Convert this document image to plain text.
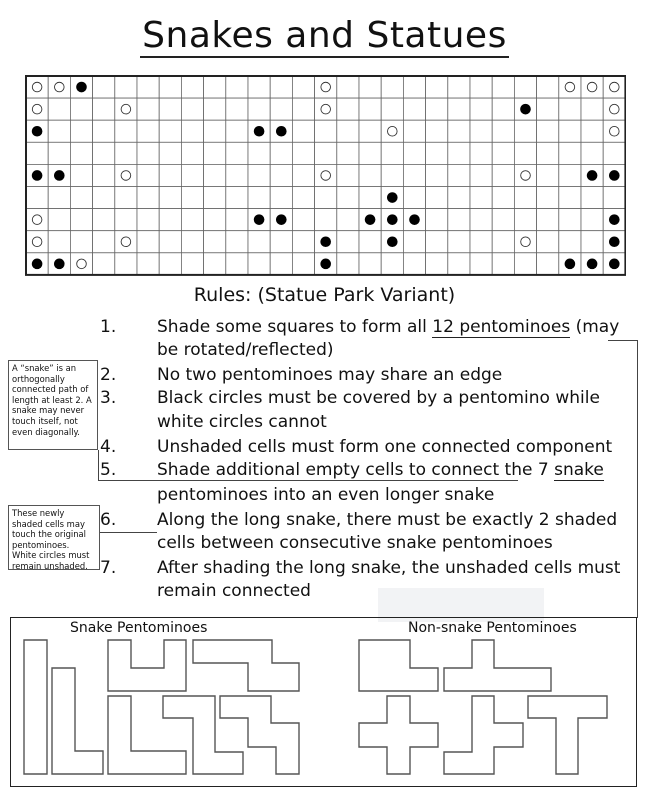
Snakes and Statues
Rules: (Statue Park Variant)
1.	Shade some squares to form all 12 pentominoes (may
be rotated/reflected)
2.	No two pentominoes may share an edge
3.	Black circles must be covered by a pentomino while
white circles cannot
4.	Unshaded cells must form one connected component
5.	Shade additional empty cells to connect the 7 snake
pentominoes into an even longer snake
6.	Along the long snake, there must be exactly 2 shaded
cells between consecutive snake pentominoes
7.	After shading the long snake, the unshaded cells must
remain connected
A “snake” is an orthogonally connected path of length at least 2. A snake may never touch itself, not even diagonally.
These newly shaded cells may touch the original pentominoes. White circles must remain unshaded.
Snake Pentominoes	Non-snake Pentominoes
